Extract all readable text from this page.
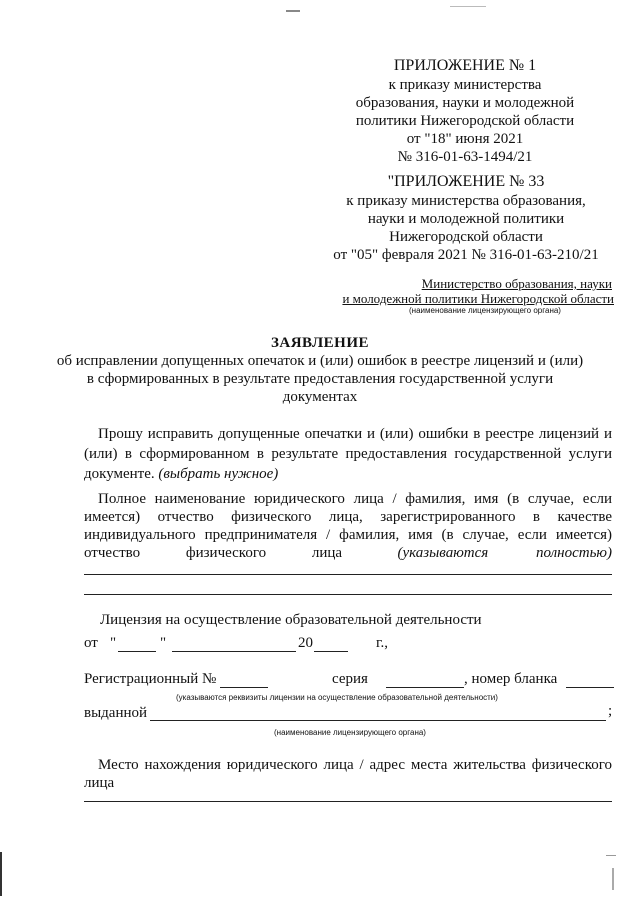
ПРИЛОЖЕНИЕ № 1
к приказу министерства
образования, науки и молодежной
политики Нижегородской области
от "18" июня 2021
№ 316-01-63-1494/21
"ПРИЛОЖЕНИЕ № 33
к приказу министерства образования,
науки и молодежной политики
Нижегородской области
от "05" февраля 2021 № 316-01-63-210/21
Министерство образования, науки
и молодежной политики Нижегородской области
(наименование лицензирующего органа)
ЗАЯВЛЕНИЕ
об исправлении допущенных опечаток и (или) ошибок в реестре лицензий и (или)
в сформированных в результате предоставления государственной услуги
документах
Прошу исправить допущенные опечатки и (или) ошибки в реестре лицензий и
(или) в сформированном в результате предоставления государственной услуги
документе. (выбрать нужное)
Полное наименование юридического лица / фамилия, имя (в случае, если
имеется) отчество физического лица, зарегистрированного в качестве
индивидуального предпринимателя / фамилия, имя (в случае, если имеется)
отчество физического лица	(указываются полностью)
Лицензия на осуществление образовательной деятельности
от "	"	20	г.,
Регистрационный №	серия	, номер бланка
(указываются реквизиты лицензии на осуществление образовательной деятельности)
выданной	;
(наименование лицензирующего органа)
Место нахождения юридического лица / адрес места жительства физического
лица
